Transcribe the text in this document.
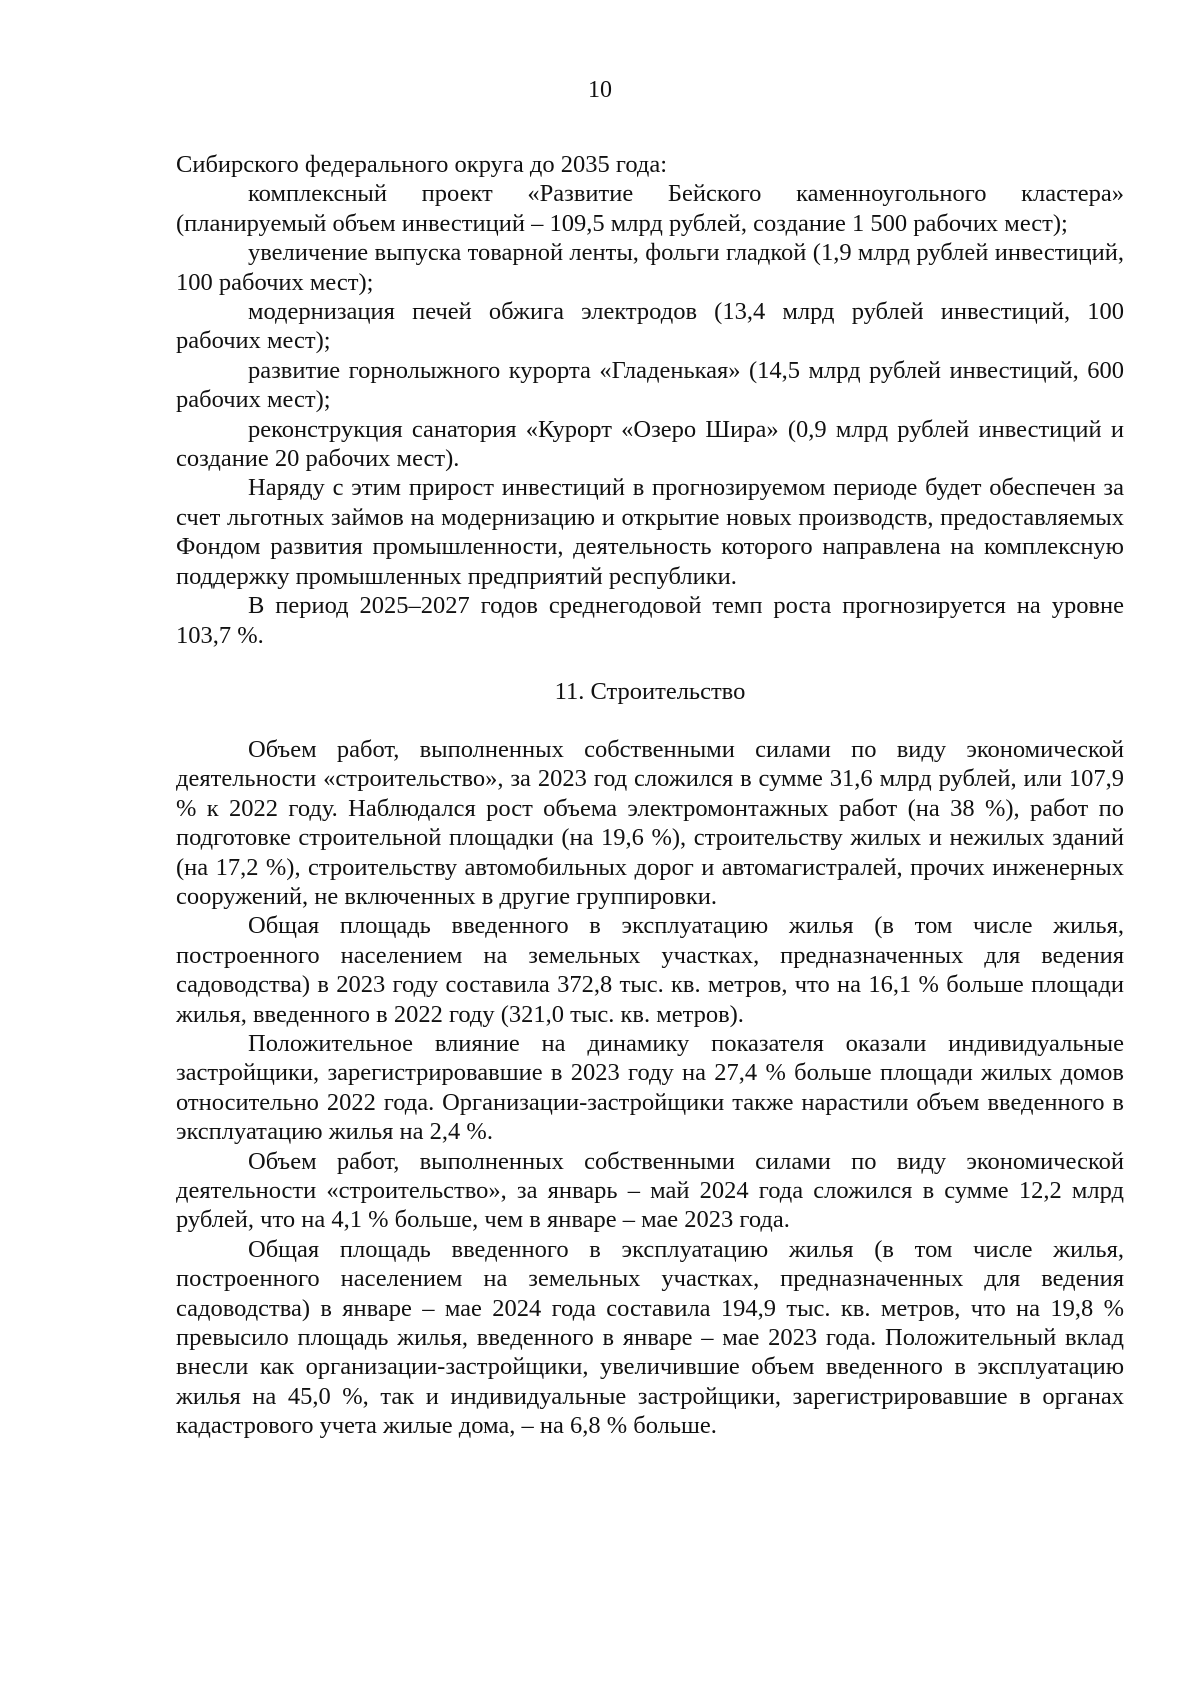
10

Сибирского федерального округа до 2035 года:

комплексный проект «Развитие Бейского каменноугольного кластера» (планируемый объем инвестиций – 109,5 млрд рублей, создание 1 500 рабочих мест);

увеличение выпуска товарной ленты, фольги гладкой (1,9 млрд рублей инвестиций, 100 рабочих мест);

модернизация печей обжига электродов (13,4 млрд рублей инвестиций, 100 рабочих мест);

развитие горнолыжного курорта «Гладенькая» (14,5 млрд рублей инвестиций, 600 рабочих мест);

реконструкция санатория «Курорт «Озеро Шира» (0,9 млрд рублей инвестиций и создание 20 рабочих мест).

Наряду с этим прирост инвестиций в прогнозируемом периоде будет обеспечен за счет льготных займов на модернизацию и открытие новых производств, предоставляемых Фондом развития промышленности, деятельность которого направлена на комплексную поддержку промышленных предприятий республики.

В период 2025–2027 годов среднегодовой темп роста прогнозируется на уровне 103,7 %.

11. Строительство

Объем работ, выполненных собственными силами по виду экономической деятельности «строительство», за 2023 год сложился в сумме 31,6 млрд рублей, или 107,9 % к 2022 году. Наблюдался рост объема электромонтажных работ (на 38 %), работ по подготовке строительной площадки (на 19,6 %), строительству жилых и нежилых зданий (на 17,2 %), строительству автомобильных дорог и автомагистралей, прочих инженерных сооружений, не включенных в другие группировки.

Общая площадь введенного в эксплуатацию жилья (в том числе жилья, построенного населением на земельных участках, предназначенных для ведения садоводства) в 2023 году составила 372,8 тыс. кв. метров, что на 16,1 % больше площади жилья, введенного в 2022 году (321,0 тыс. кв. метров).

Положительное влияние на динамику показателя оказали индивидуальные застройщики, зарегистрировавшие в 2023 году на 27,4 % больше площади жилых домов относительно 2022 года. Организации-застройщики также нарастили объем введенного в эксплуатацию жилья на 2,4 %.

Объем работ, выполненных собственными силами по виду экономической деятельности «строительство», за январь – май 2024 года сложился в сумме 12,2 млрд рублей, что на 4,1 % больше, чем в январе – мае 2023 года.

Общая площадь введенного в эксплуатацию жилья (в том числе жилья, построенного населением на земельных участках, предназначенных для ведения садоводства) в январе – мае 2024 года составила 194,9 тыс. кв. метров, что на 19,8 % превысило площадь жилья, введенного в январе – мае 2023 года. Положительный вклад внесли как организации-застройщики, увеличившие объем введенного в эксплуатацию жилья на 45,0 %, так и индивидуальные застройщики, зарегистрировавшие в органах кадастрового учета жилые дома, – на 6,8 % больше.
